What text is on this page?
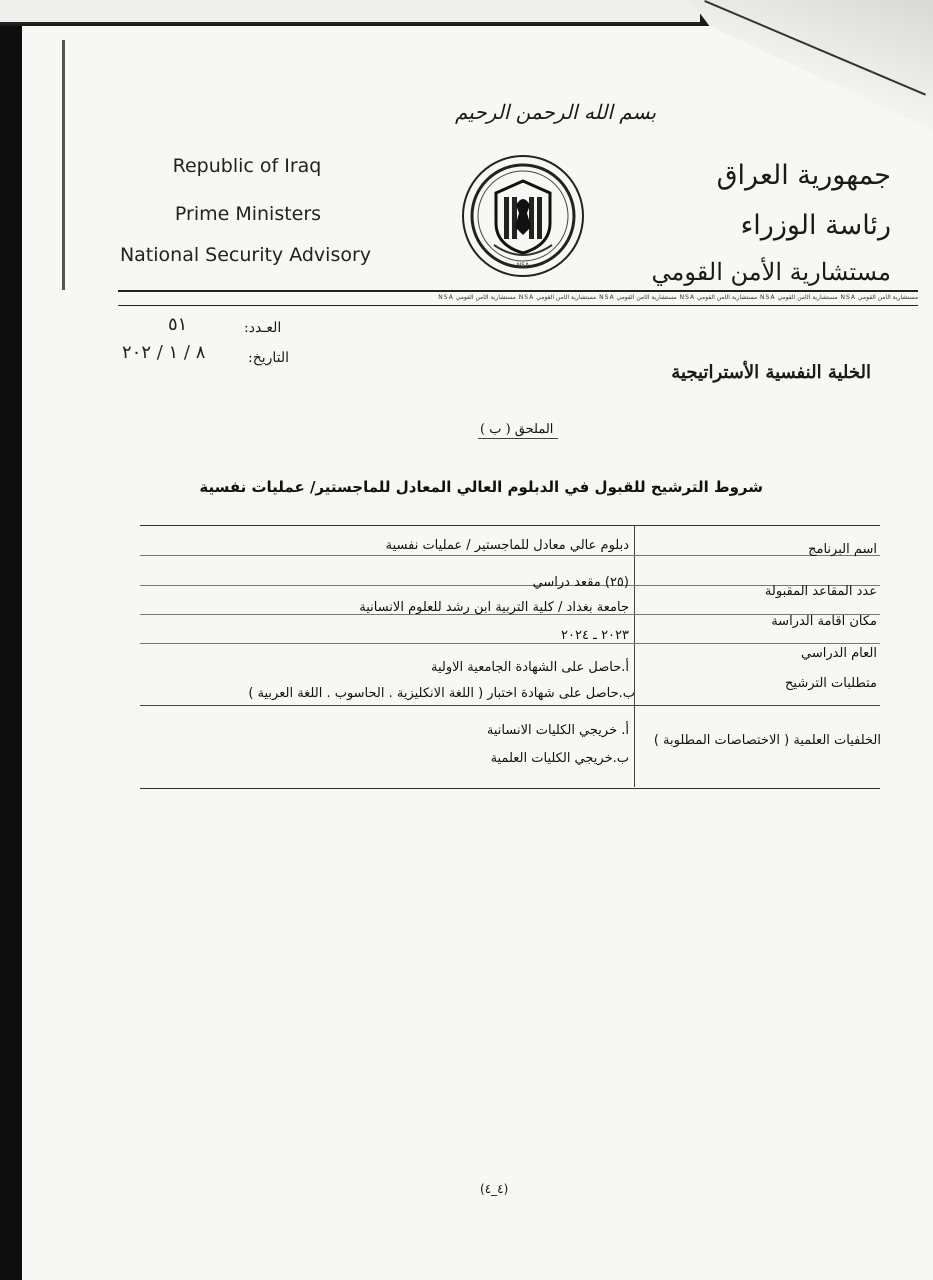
Republic of Iraq
Prime Ministers
National Security Advisory
بسم الله الرحمن الرحيم
NSA
جمهورية العراق
رئاسة الوزراء
مستشارية الأمن القومي
مستشارية الأمن القومي NSA مستشارية الأمن القومي NSA مستشارية الأمن القومي NSA مستشارية الأمن القومي NSA مستشارية الأمن القومي NSA مستشارية الأمن القومي NSA
العـدد:
٥١
التاريخ:
٨ / ١ / ٢٠٢
الخلية النفسية الأستراتيجية
الملحق ( ب )
شروط الترشيح للقبول في الدبلوم العالي المعادل للماجستير/ عمليات نفسية
اسم البرنامج
دبلوم عالي معادل للماجستير / عمليات نفسية
عدد المقاعد المقبولة
(٢٥) مقعد دراسي
مكان اقامة الدراسة
جامعة بغداد / كلية التربية ابن رشد للعلوم الانسانية
العام الدراسي
٢٠٢٣ ـ ٢٠٢٤
متطلبات الترشيح
أ.حاصل على الشهادة الجامعية الاولية
ب.حاصل على شهادة اختبار ( اللغة الانكليزية . الحاسوب . اللغة العربية )
الخلفيات العلمية ( الاختصاصات المطلوبة )
أ. خريجي الكليات الانسانية
ب.خريجي الكليات العلمية
(٤_٤)
